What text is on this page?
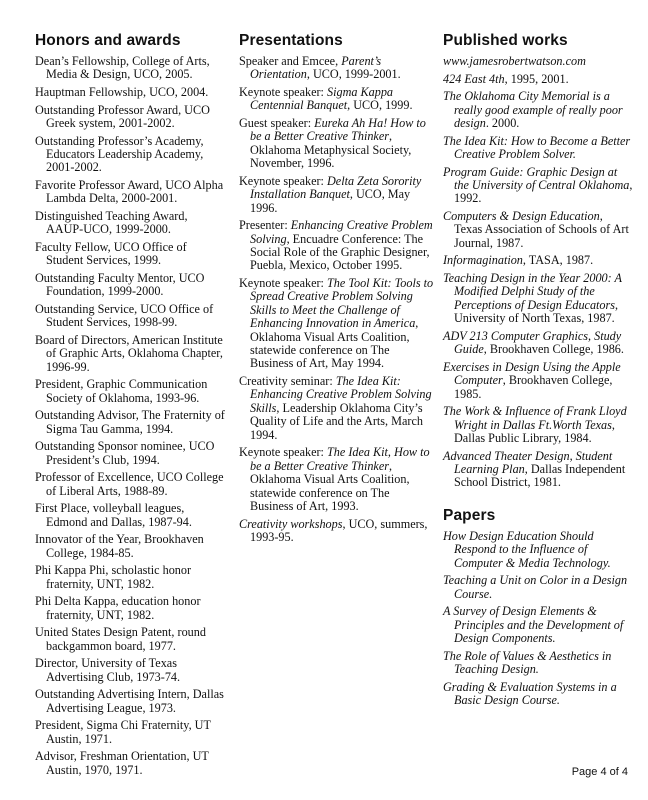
Honors and awards
Dean’s Fellowship, College of Arts, Media & Design, UCO, 2005.
Hauptman Fellowship, UCO, 2004.
Outstanding Professor Award, UCO Greek system, 2001-2002.
Outstanding Professor’s Academy, Educators Leadership Academy, 2001-2002.
Favorite Professor Award, UCO Alpha Lambda Delta, 2000-2001.
Distinguished Teaching Award, AAUP-UCO, 1999-2000.
Faculty Fellow, UCO Office of Student Services, 1999.
Outstanding Faculty Mentor, UCO Foundation, 1999-2000.
Outstanding Service, UCO Office of Student Services, 1998-99.
Board of Directors, American Institute of Graphic Arts, Oklahoma Chapter, 1996-99.
President, Graphic Communication Society of Oklahoma, 1993-96.
Outstanding Advisor, The Fraternity of Sigma Tau Gamma, 1994.
Outstanding Sponsor nominee, UCO President’s Club, 1994.
Professor of Excellence, UCO College of Liberal Arts, 1988-89.
First Place, volleyball leagues, Edmond and Dallas, 1987-94.
Innovator of the Year, Brookhaven College, 1984-85.
Phi Kappa Phi, scholastic honor fraternity, UNT, 1982.
Phi Delta Kappa, education honor fraternity, UNT, 1982.
United States Design Patent, round backgammon board, 1977.
Director, University of Texas Advertising Club, 1973-74.
Outstanding Advertising Intern, Dallas Advertising League, 1973.
President, Sigma Chi Fraternity, UT Austin, 1971.
Advisor, Freshman Orientation, UT Austin, 1970, 1971.
Presentations
Speaker and Emcee, Parent’s Orientation, UCO, 1999-2001.
Keynote speaker: Sigma Kappa Centennial Banquet, UCO, 1999.
Guest speaker: Eureka Ah Ha! How to be a Better Creative Thinker, Oklahoma Metaphysical Society, November, 1996.
Keynote speaker: Delta Zeta Sorority Installation Banquet, UCO, May 1996.
Presenter: Enhancing Creative Problem Solving, Encuadre Conference: The Social Role of the Graphic Designer, Puebla, Mexico, October 1995.
Keynote speaker: The Tool Kit: Tools to Spread Creative Problem Solving Skills to Meet the Challenge of Enhancing Innovation in America, Oklahoma Visual Arts Coalition, statewide conference on The Business of Art, May 1994.
Creativity seminar: The Idea Kit: Enhancing Creative Problem Solving Skills, Leadership Oklahoma City’s Quality of Life and the Arts, March 1994.
Keynote speaker: The Idea Kit, How to be a Better Creative Thinker, Oklahoma Visual Arts Coalition, statewide conference on The Business of Art, 1993.
Creativity workshops, UCO, summers, 1993-95.
Published works
www.jamesrobertwatson.com
424 East 4th, 1995, 2001.
The Oklahoma City Memorial is a really good example of really poor design. 2000.
The Idea Kit: How to Become a Better Creative Problem Solver.
Program Guide: Graphic Design at the University of Central Oklahoma, 1992.
Computers & Design Education, Texas Association of Schools of Art Journal, 1987.
Informagination, TASA, 1987.
Teaching Design in the Year 2000: A Modified Delphi Study of the Perceptions of Design Educators, University of North Texas, 1987.
ADV 213 Computer Graphics, Study Guide, Brookhaven College, 1986.
Exercises in Design Using the Apple Computer, Brookhaven College, 1985.
The Work & Influence of Frank Lloyd Wright in Dallas Ft.Worth Texas, Dallas Public Library, 1984.
Advanced Theater Design, Student Learning Plan, Dallas Independent School District, 1981.
Papers
How Design Education Should Respond to the Influence of Computer & Media Technology.
Teaching a Unit on Color in a Design Course.
A Survey of Design Elements & Principles and the Development of Design Components.
The Role of Values & Aesthetics in Teaching Design.
Grading & Evaluation Systems in a Basic Design Course.
Page 4 of 4
